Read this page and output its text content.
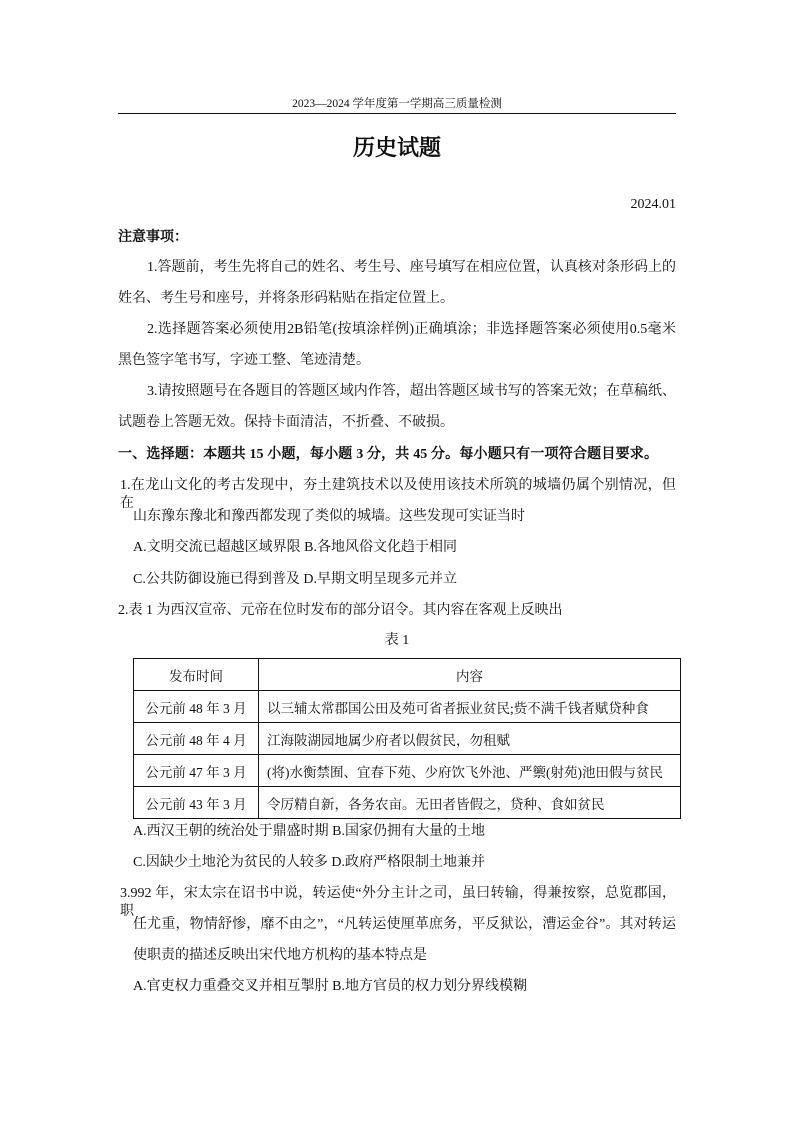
2023—2024 学年度第一学期高三质量检测
历史试题
2024.01
注意事项：
1.答题前，考生先将自己的姓名、考生号、座号填写在相应位置，认真核对条形码上的
姓名、考生号和座号，并将条形码粘贴在指定位置上。
2.选择题答案必须使用2B铅笔(按填涂样例)正确填涂；非选择题答案必须使用0.5毫米
黑色签字笔书写，字迹工整、笔迹清楚。
3.请按照题号在各题目的答题区域内作答，超出答题区域书写的答案无效；在草稿纸、
试题卷上答题无效。保持卡面清洁，不折叠、不破损。
一、选择题：本题共 15 小题，每小题 3 分，共 45 分。每小题只有一项符合题目要求。
1.在龙山文化的考古发现中，夯土建筑技术以及使用该技术所筑的城墙仍属个别情况，但在
山东豫东豫北和豫西都发现了类似的城墙。这些发现可实证当时
A.文明交流已超越区域界限 B.各地风俗文化趋于相同
C.公共防御设施已得到普及 D.早期文明呈现多元并立
2.表 1 为西汉宣帝、元帝在位时发布的部分诏令。其内容在客观上反映出
表 1
发布时间	内容
公元前 48 年 3 月	以三辅太常郡国公田及苑可省者振业贫民;赀不满千钱者赋贷种食
公元前 48 年 4 月	江海陂湖园地属少府者以假贫民，勿租赋
公元前 47 年 3 月	(将)水衡禁囿、宜春下苑、少府饮飞外池、严籞(射苑)池田假与贫民
公元前 43 年 3 月	令厉精自新，各务农亩。无田者皆假之，贷种、食如贫民
A.西汉王朝的统治处于鼎盛时期 B.国家仍拥有大量的土地
C.因缺少土地沦为贫民的人较多 D.政府严格限制土地兼并
3.992 年，宋太宗在诏书中说，转运使“外分主计之司，虽曰转输，得兼按察，总览郡国，职
任尤重，物情舒惨，靡不由之”，“凡转运使厘革庶务，平反狱讼，漕运金谷”。其对转运
使职责的描述反映出宋代地方机构的基本特点是
A.官吏权力重叠交叉并相互掣肘 B.地方官员的权力划分界线模糊
